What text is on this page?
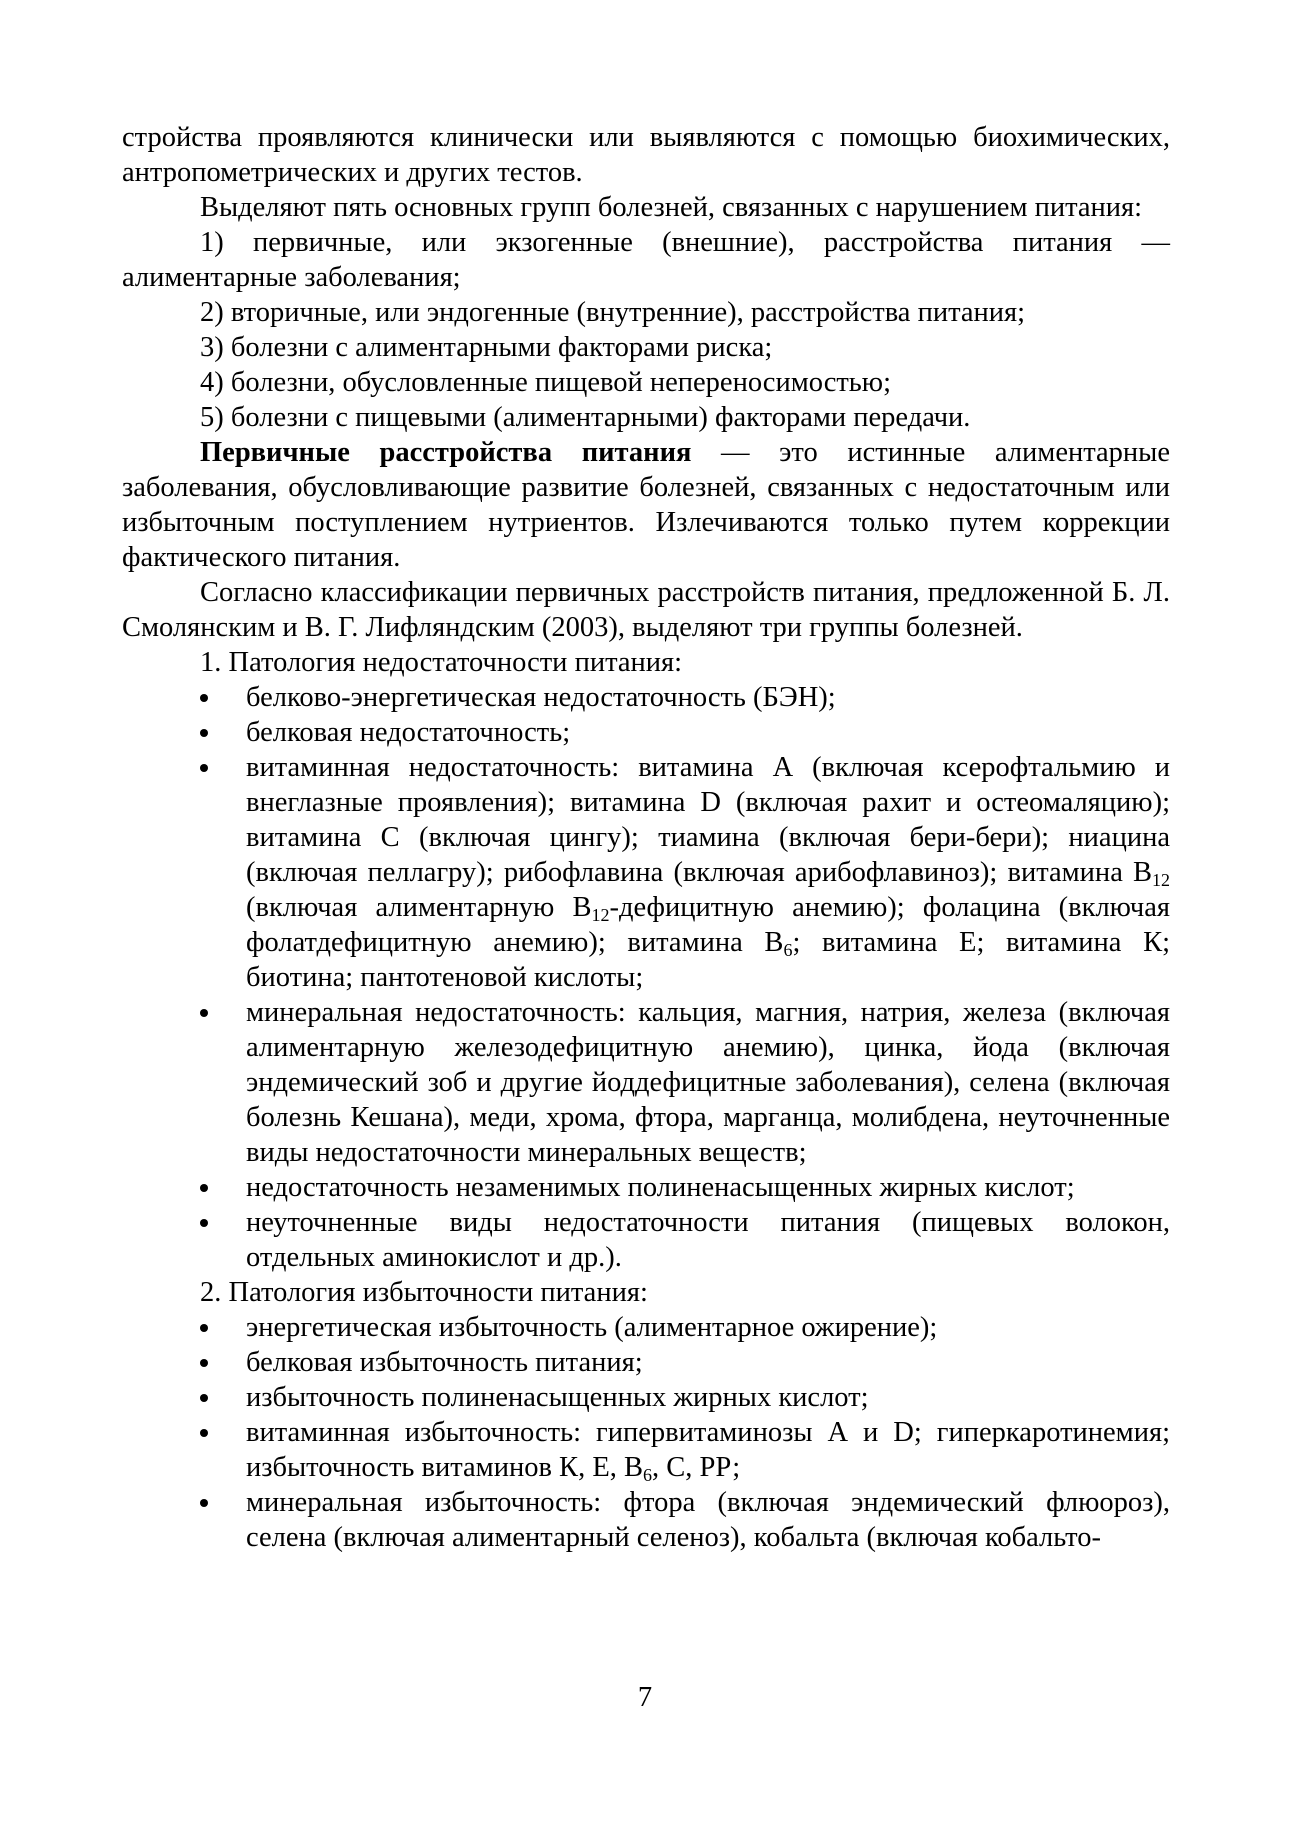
стройства проявляются клинически или выявляются с помощью биохимических, антропометрических и других тестов.

Выделяют пять основных групп болезней, связанных с нарушением питания:

1) первичные, или экзогенные (внешние), расстройства питания — алиментарные заболевания;

2) вторичные, или эндогенные (внутренние), расстройства питания;

3) болезни с алиментарными факторами риска;

4) болезни, обусловленные пищевой непереносимостью;

5) болезни с пищевыми (алиментарными) факторами передачи.

Первичные расстройства питания — это истинные алиментарные заболевания, обусловливающие развитие болезней, связанных с недостаточным или избыточным поступлением нутриентов. Излечиваются только путем коррекции фактического питания.

Согласно классификации первичных расстройств питания, предложенной Б. Л. Смолянским и В. Г. Лифляндским (2003), выделяют три группы болезней.

1. Патология недостаточности питания:

белково-энергетическая недостаточность (БЭН);
белковая недостаточность;
витаминная недостаточность: витамина А (включая ксерофтальмию и внеглазные проявления); витамина D (включая рахит и остеомаляцию); витамина С (включая цингу); тиамина (включая бери-бери); ниацина (включая пеллагру); рибофлавина (включая арибофлавиноз); витамина $В_{12}$ (включая алиментарную $В_{12}$-дефицитную анемию); фолацина (включая фолатдефицитную анемию); витамина $В_6$; витамина Е; витамина К; биотина; пантотеновой кислоты;
минеральная недостаточность: кальция, магния, натрия, железа (включая алиментарную железодефицитную анемию), цинка, йода (включая эндемический зоб и другие йоддефицитные заболевания), селена (включая болезнь Кешана), меди, хрома, фтора, марганца, молибдена, неуточненные виды недостаточности минеральных веществ;
недостаточность незаменимых полиненасыщенных жирных кислот;
неуточненные виды недостаточности питания (пищевых волокон, отдельных аминокислот и др.).

2. Патология избыточности питания:

энергетическая избыточность (алиментарное ожирение);
белковая избыточность питания;
избыточность полиненасыщенных жирных кислот;
витаминная избыточность: гипервитаминозы А и D; гиперкаротинемия; избыточность витаминов К, Е, $В_6$, С, РР;
минеральная избыточность: фтора (включая эндемический флюороз), селена (включая алиментарный селеноз), кобальта (включая кобальто-
7
